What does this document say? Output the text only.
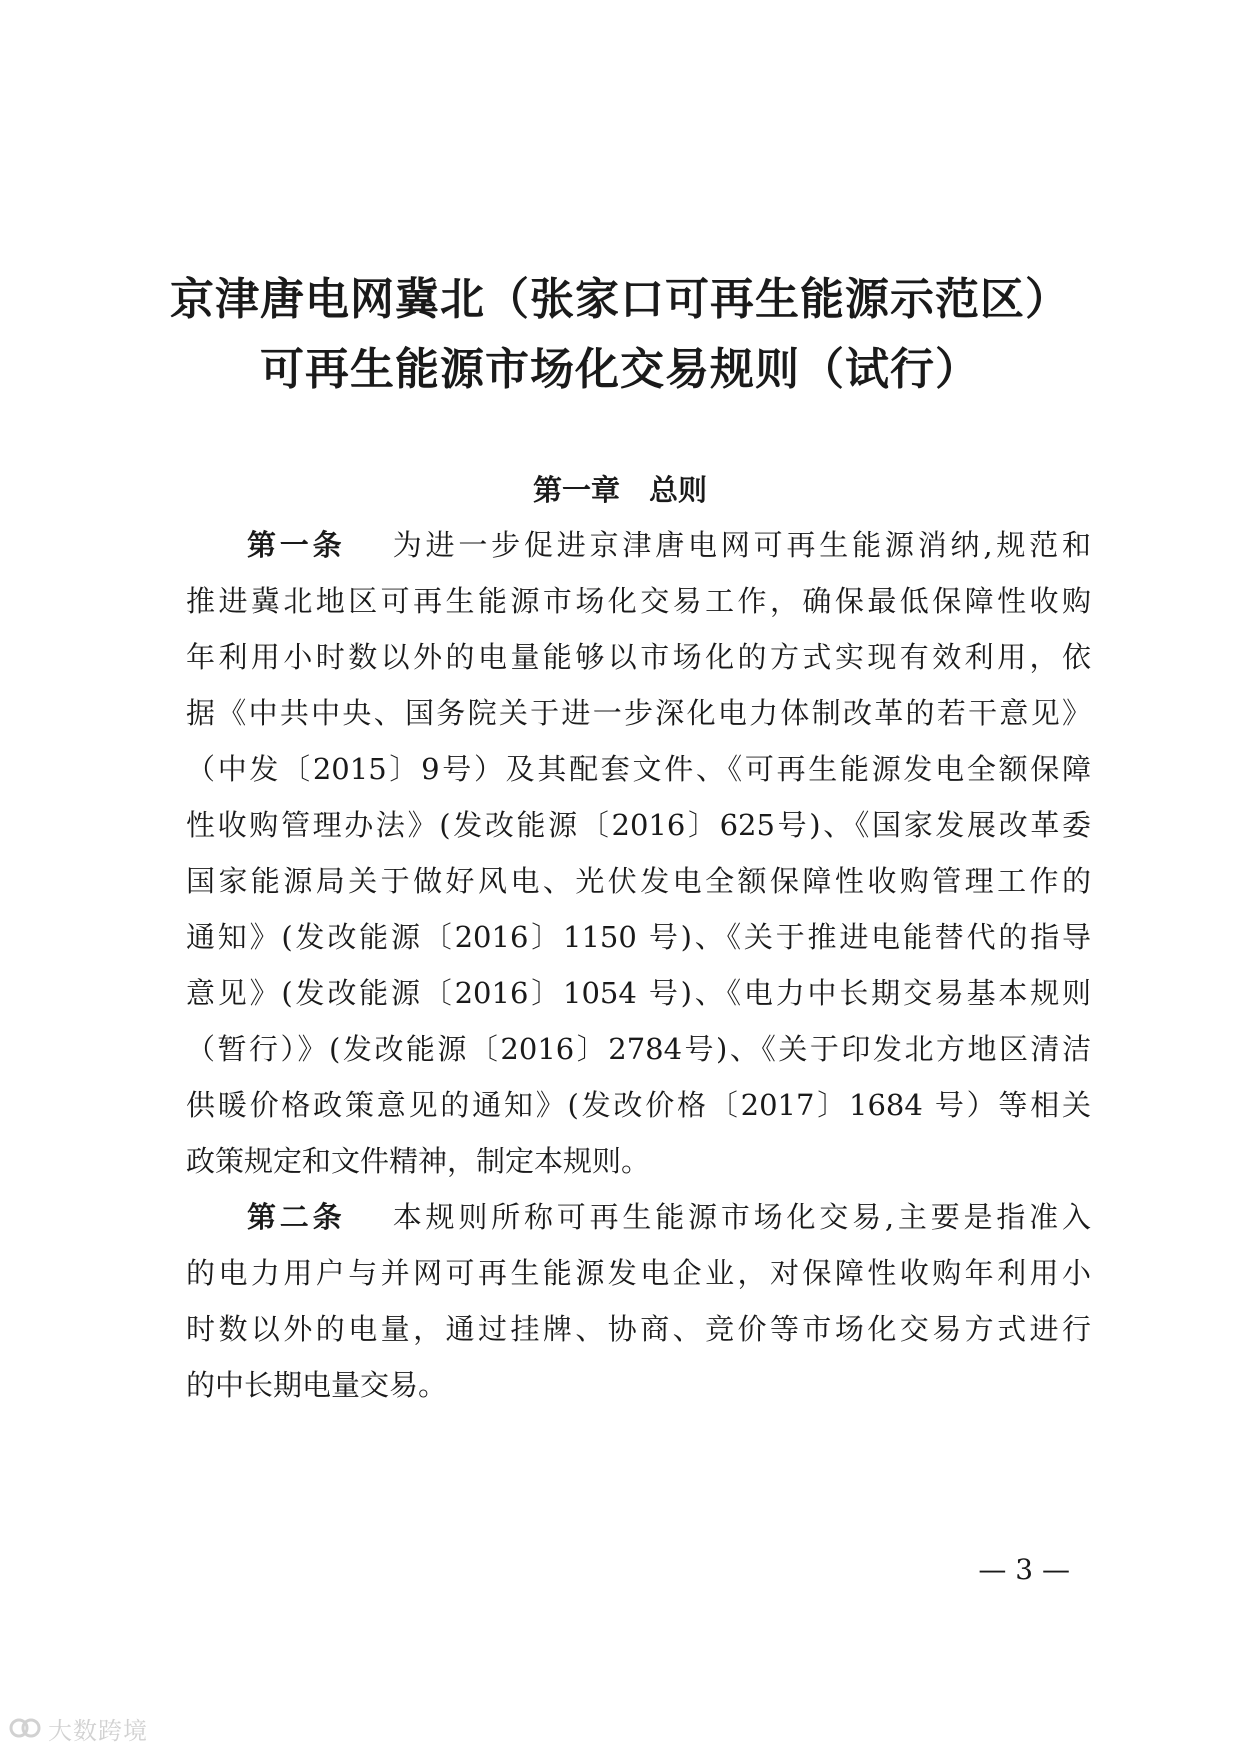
京津唐电网冀北（张家口可再生能源示范区）
可再生能源市场化交易规则（试行）
第一章　总则
第一条   为进一步促进京津唐电网可再生能源消纳,规范和
推进冀北地区可再生能源市场化交易工作，确保最低保障性收购
年利用小时数以外的电量能够以市场化的方式实现有效利用，依
据《中共中央、国务院关于进一步深化电力体制改革的若干意见》
（中发〔2015〕9号）及其配套文件、《可再生能源发电全额保障
性收购管理办法》(发改能源〔2016〕625号)、《国家发展改革委
国家能源局关于做好风电、光伏发电全额保障性收购管理工作的
通知》(发改能源〔2016〕1150 号)、《关于推进电能替代的指导
意见》(发改能源〔2016〕1054 号)、《电力中长期交易基本规则
（暂行）》(发改能源〔2016〕2784号)、《关于印发北方地区清洁
供暖价格政策意见的通知》(发改价格〔2017〕1684 号）等相关
政策规定和文件精神，制定本规则。
第二条   本规则所称可再生能源市场化交易,主要是指准入
的电力用户与并网可再生能源发电企业，对保障性收购年利用小
时数以外的电量，通过挂牌、协商、竞价等市场化交易方式进行
的中长期电量交易。
— 3 —
大数跨境
